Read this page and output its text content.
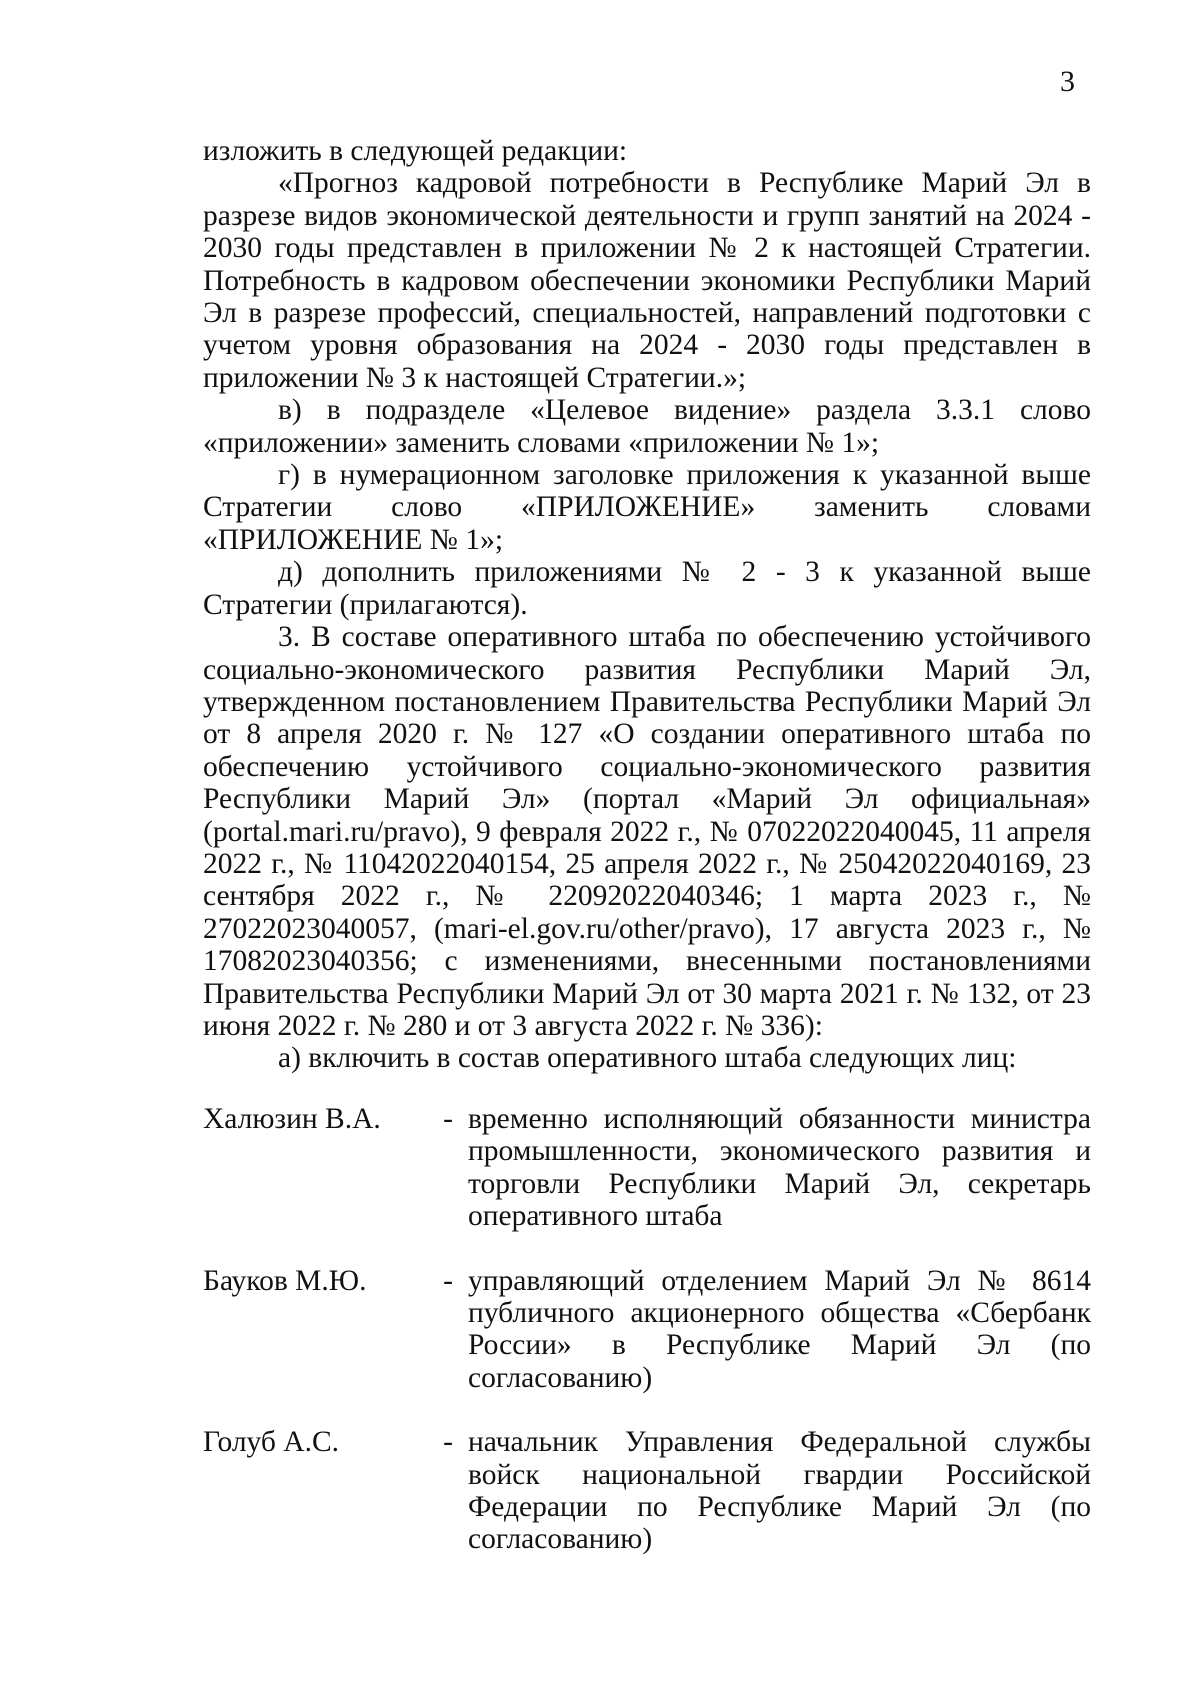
3

изложить в следующей редакции:

«Прогноз кадровой потребности в Республике Марий Эл в разрезе видов экономической деятельности и групп занятий на 2024 - 2030 годы представлен в приложении № 2 к настоящей Стратегии. Потребность в кадровом обеспечении экономики Республики Марий Эл в разрезе профессий, специальностей, направлений подготовки с учетом уровня образования на 2024 - 2030 годы представлен в приложении № 3 к настоящей Стратегии.»;

в) в подразделе «Целевое видение» раздела 3.3.1 слово «приложении» заменить словами «приложении № 1»;

г) в нумерационном заголовке приложения к указанной выше Стратегии слово «ПРИЛОЖЕНИЕ» заменить словами «ПРИЛОЖЕНИЕ № 1»;

д) дополнить приложениями № 2 - 3 к указанной выше Стратегии (прилагаются).

3. В составе оперативного штаба по обеспечению устойчивого социально-экономического развития Республики Марий Эл, утвержденном постановлением Правительства Республики Марий Эл от 8 апреля 2020 г. № 127 «О создании оперативного штаба по обеспечению устойчивого социально-экономического развития Республики Марий Эл» (портал «Марий Эл официальная» (portal.mari.ru/pravo), 9 февраля 2022 г., № 07022022040045, 11 апреля 2022 г., № 11042022040154, 25 апреля 2022 г., № 25042022040169, 23 сентября 2022 г., № 22092022040346; 1 марта 2023 г., № 27022023040057, (mari-el.gov.ru/other/pravo), 17 августа 2023 г., № 17082023040356; с изменениями, внесенными постановлениями Правительства Республики Марий Эл от 30 марта 2021 г. № 132, от 23 июня 2022 г. № 280 и от 3 августа 2022 г. № 336):

а) включить в состав оперативного штаба следующих лиц:

Халюзин В.А.	- временно исполняющий обязанности министра промышленности, экономического развития и торговли Республики Марий Эл, секретарь оперативного штаба
Бауков М.Ю.	- управляющий отделением Марий Эл № 8614 публичного акционерного общества «Сбербанк России» в Республике Марий Эл (по согласованию)
Голуб А.С.	- начальник Управления Федеральной службы войск национальной гвардии Российской Федерации по Республике Марий Эл (по согласованию)
